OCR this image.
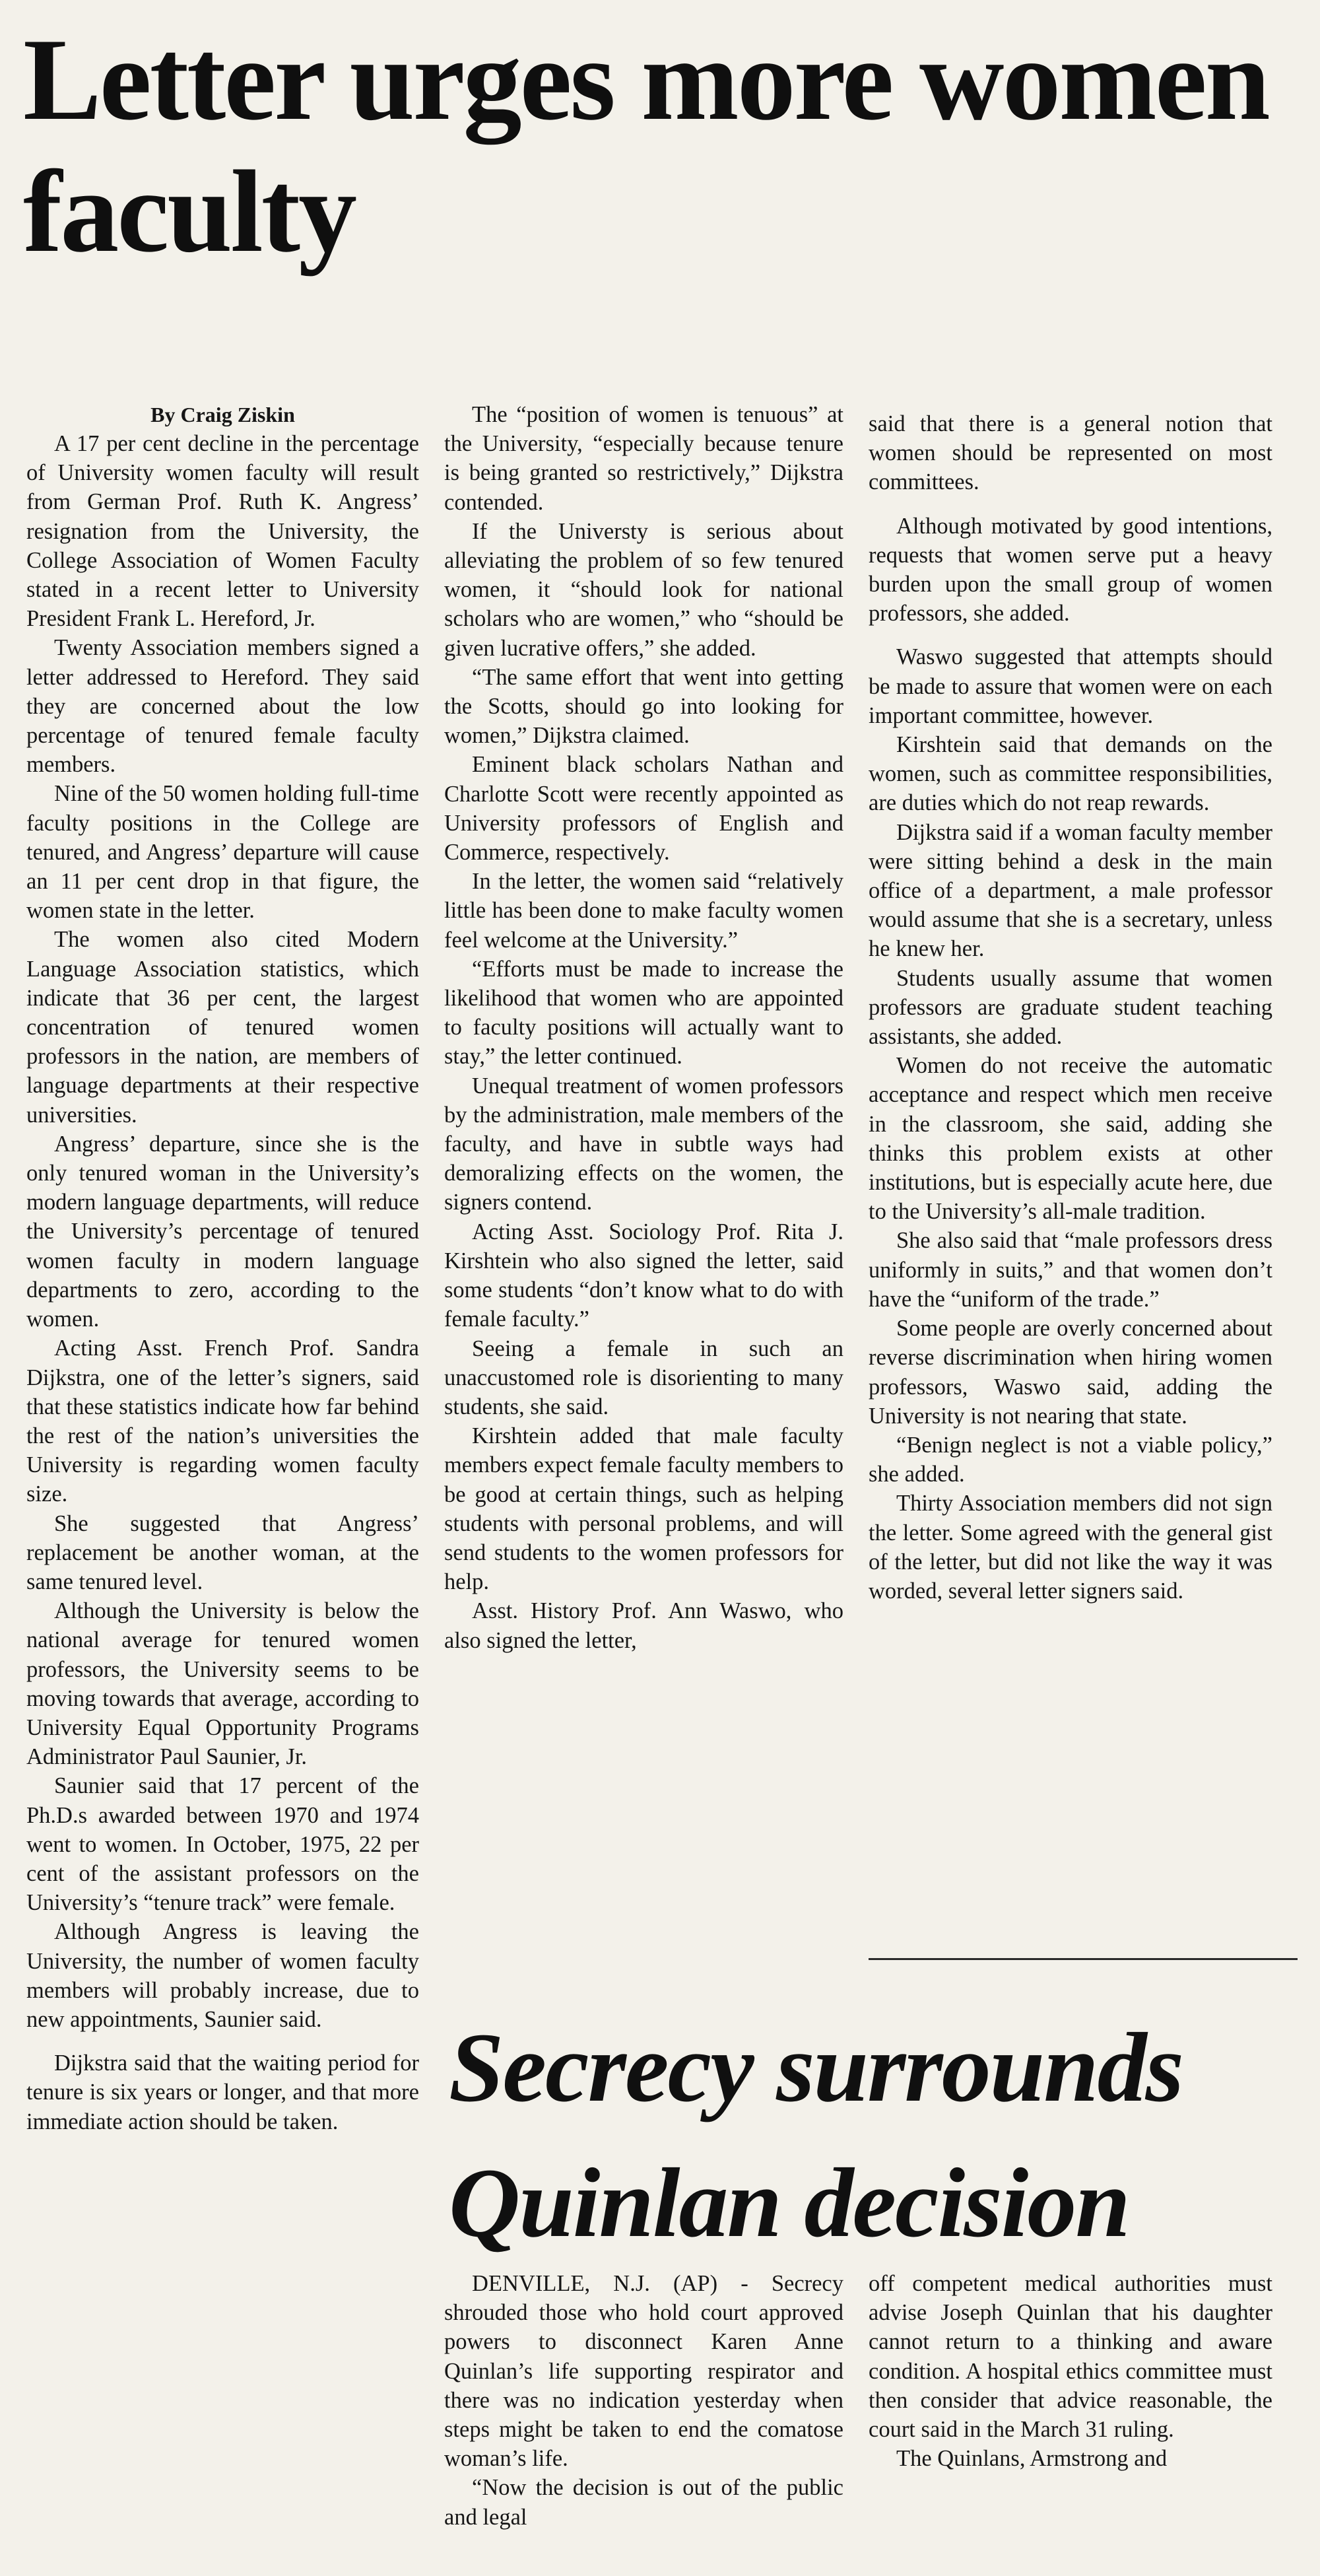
Letter urges more women faculty
By Craig Ziskin

A 17 per cent decline in the percentage of University women faculty will result from German Prof. Ruth K. Angress’ resignation from the University, the College Association of Women Faculty stated in a recent letter to University President Frank L. Hereford, Jr.

Twenty Association members signed a letter addressed to Hereford. They said they are concerned about the low percentage of tenured female faculty members.

Nine of the 50 women holding full-time faculty positions in the College are tenured, and Angress’ departure will cause an 11 per cent drop in that figure, the women state in the letter.

The women also cited Modern Language Association statistics, which indicate that 36 per cent, the largest concentration of tenured women professors in the nation, are members of language departments at their respective universities.

Angress’ departure, since she is the only tenured woman in the University’s modern language departments, will reduce the University’s percentage of tenured women faculty in modern language departments to zero, according to the women.

Acting Asst. French Prof. Sandra Dijkstra, one of the letter’s signers, said that these statistics indicate how far behind the rest of the nation’s universities the University is regarding women faculty size.

She suggested that Angress’ replacement be another woman, at the same tenured level.

Although the University is below the national average for tenured women professors, the University seems to be moving towards that average, according to University Equal Opportunity Programs Administrator Paul Saunier, Jr.

Saunier said that 17 percent of the Ph.D.s awarded between 1970 and 1974 went to women. In October, 1975, 22 per cent of the assistant professors on the University’s “tenure track” were female.

Although Angress is leaving the University, the number of women faculty members will probably increase, due to new appointments, Saunier said.

Dijkstra said that the waiting period for tenure is six years or longer, and that more immediate action should be taken.

The “position of women is tenuous” at the University, “especially because tenure is being granted so restrictively,” Dijkstra contended.

If the Universty is serious about alleviating the problem of so few tenured women, it “should look for national scholars who are women,” who “should be given lucrative offers,” she added.

“The same effort that went into getting the Scotts, should go into looking for women,” Dijkstra claimed.

Eminent black scholars Nathan and Charlotte Scott were recently appointed as University professors of English and Commerce, respectively.

In the letter, the women said “relatively little has been done to make faculty women feel welcome at the University.”

“Efforts must be made to increase the likelihood that women who are appointed to faculty positions will actually want to stay,” the letter continued.

Unequal treatment of women professors by the administration, male members of the faculty, and have in subtle ways had demoralizing effects on the women, the signers contend.

Acting Asst. Sociology Prof. Rita J. Kirshtein who also signed the letter, said some students “don’t know what to do with female faculty.”

Seeing a female in such an unaccustomed role is disorienting to many students, she said.

Kirshtein added that male faculty members expect female faculty members to be good at certain things, such as helping students with personal problems, and will send students to the women professors for help.

Asst. History Prof. Ann Waswo, who also signed the letter,

said that there is a general notion that women should be represented on most committees.

Although motivated by good intentions, requests that women serve put a heavy burden upon the small group of women professors, she added.

Waswo suggested that attempts should be made to assure that women were on each important committee, however.

Kirshtein said that demands on the women, such as committee responsibilities, are duties which do not reap rewards.

Dijkstra said if a woman faculty member were sitting behind a desk in the main office of a department, a male professor would assume that she is a secretary, unless he knew her.

Students usually assume that women professors are graduate student teaching assistants, she added.

Women do not receive the automatic acceptance and respect which men receive in the classroom, she said, adding she thinks this problem exists at other institutions, but is especially acute here, due to the University’s all-male tradition.

She also said that “male professors dress uniformly in suits,” and that women don’t have the “uniform of the trade.”

Some people are overly concerned about reverse discrimination when hiring women professors, Waswo said, adding the University is not nearing that state.

“Benign neglect is not a viable policy,” she added.

Thirty Association members did not sign the letter. Some agreed with the general gist of the letter, but did not like the way it was worded, several letter signers said.

Secrecy surrounds Quinlan decision

DENVILLE, N.J. (AP) - Secrecy shrouded those who hold court approved powers to disconnect Karen Anne Quinlan’s life supporting respirator and there was no indication yesterday when steps might be taken to end the comatose woman’s life.

“Now the decision is out of the public and legal

off competent medical authorities must advise Joseph Quinlan that his daughter cannot return to a thinking and aware condition. A hospital ethics committee must then consider that advice reasonable, the court said in the March 31 ruling.

The Quinlans, Armstrong and
